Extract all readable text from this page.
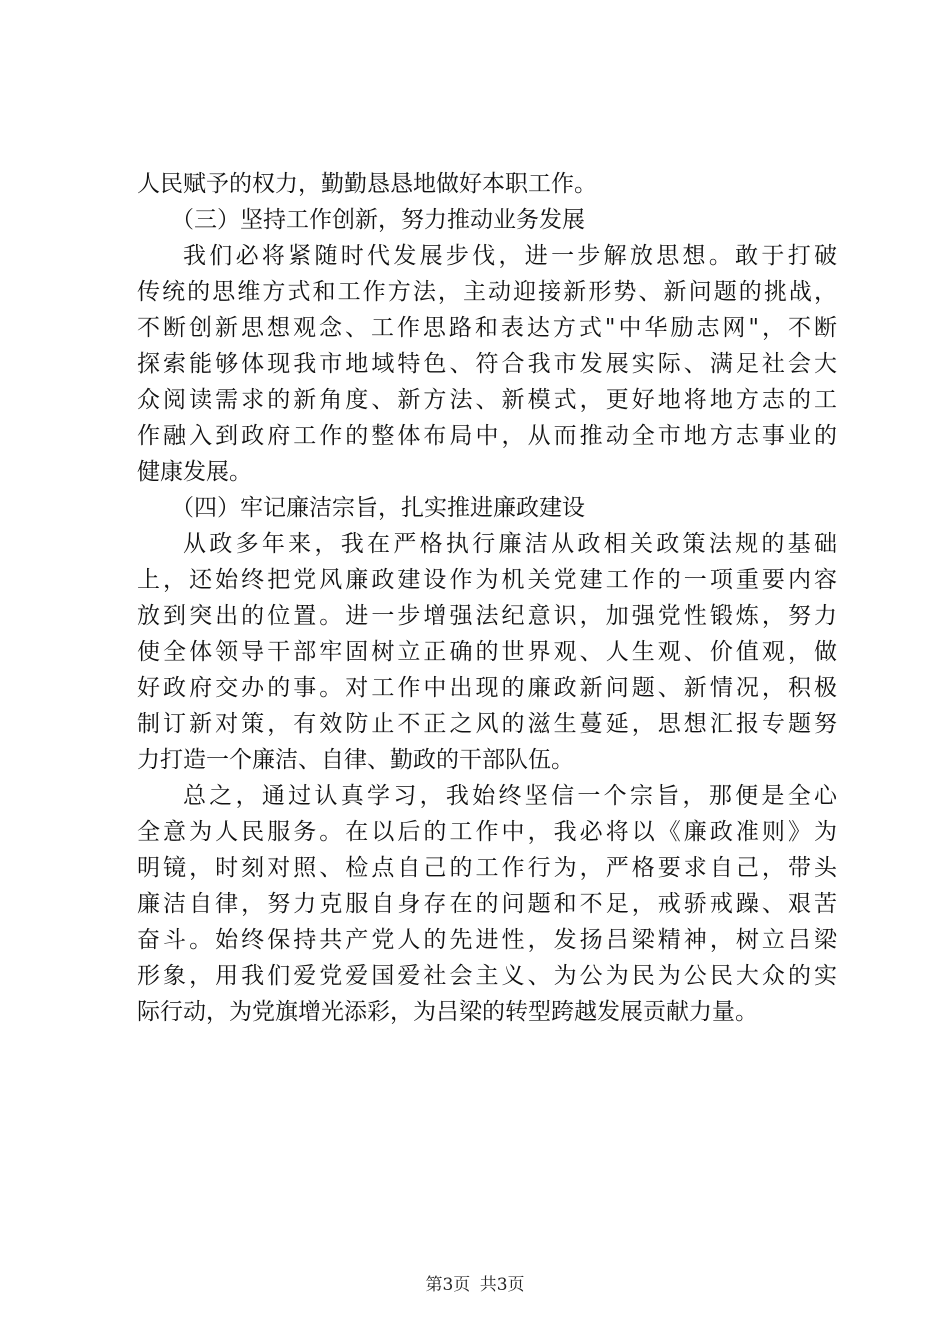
人民赋予的权力，勤勤恳恳地做好本职工作。
（三）坚持工作创新，努力推动业务发展
我们必将紧随时代发展步伐，进一步解放思想。敢于打破
传统的思维方式和工作方法，主动迎接新形势、新问题的挑战，
不断创新思想观念、工作思路和表达方式"中华励志网"，不断
探索能够体现我市地域特色、符合我市发展实际、满足社会大
众阅读需求的新角度、新方法、新模式，更好地将地方志的工
作融入到政府工作的整体布局中，从而推动全市地方志事业的
健康发展。
（四）牢记廉洁宗旨，扎实推进廉政建设
从政多年来，我在严格执行廉洁从政相关政策法规的基础
上，还始终把党风廉政建设作为机关党建工作的一项重要内容
放到突出的位置。进一步增强法纪意识，加强党性锻炼，努力
使全体领导干部牢固树立正确的世界观、人生观、价值观，做
好政府交办的事。对工作中出现的廉政新问题、新情况，积极
制订新对策，有效防止不正之风的滋生蔓延，思想汇报专题努
力打造一个廉洁、自律、勤政的干部队伍。
总之，通过认真学习，我始终坚信一个宗旨，那便是全心
全意为人民服务。在以后的工作中，我必将以《廉政准则》为
明镜，时刻对照、检点自己的工作行为，严格要求自己，带头
廉洁自律，努力克服自身存在的问题和不足，戒骄戒躁、艰苦
奋斗。始终保持共产党人的先进性，发扬吕梁精神，树立吕梁
形象，用我们爱党爱国爱社会主义、为公为民为公民大众的实
际行动，为党旗增光添彩，为吕梁的转型跨越发展贡献力量。
第3页 共3页
